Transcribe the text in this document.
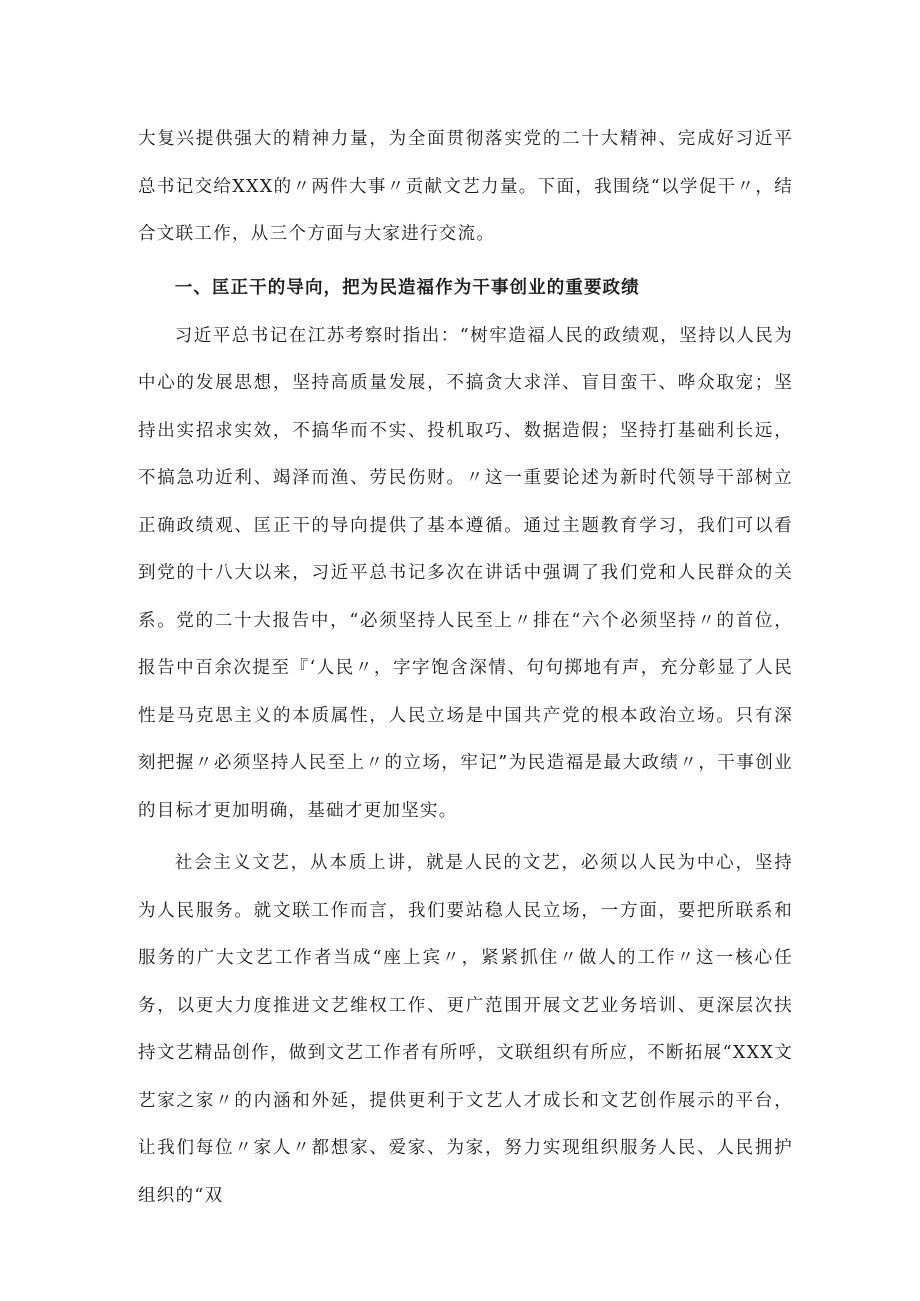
大复兴提供强大的精神力量，为全面贯彻落实党的二十大精神、完成好习近平总书记交给XXX的〃两件大事〃贡献文艺力量。下面，我围绕“以学促干〃，结合文联工作，从三个方面与大家进行交流。

一、匡正干的导向，把为民造福作为干事创业的重要政绩

习近平总书记在江苏考察时指出：“树牢造福人民的政绩观，坚持以人民为中心的发展思想，坚持高质量发展，不搞贪大求洋、盲目蛮干、哗众取宠；坚持出实招求实效，不搞华而不实、投机取巧、数据造假；坚持打基础利长远，不搞急功近利、竭泽而渔、劳民伤财。〃这一重要论述为新时代领导干部树立正确政绩观、匡正干的导向提供了基本遵循。通过主题教育学习，我们可以看到党的十八大以来，习近平总书记多次在讲话中强调了我们党和人民群众的关系。党的二十大报告中，“必须坚持人民至上〃排在“六个必须坚持〃的首位，报告中百余次提至『‘人民〃，字字饱含深情、句句掷地有声，充分彰显了人民性是马克思主义的本质属性，人民立场是中国共产党的根本政治立场。只有深刻把握〃必须坚持人民至上〃的立场，牢记”为民造福是最大政绩〃，干事创业的目标才更加明确，基础才更加坚实。

社会主义文艺，从本质上讲，就是人民的文艺，必须以人民为中心，坚持为人民服务。就文联工作而言，我们要站稳人民立场，一方面，要把所联系和服务的广大文艺工作者当成“座上宾〃，紧紧抓住〃做人的工作〃这一核心任务，以更大力度推进文艺维权工作、更广范围开展文艺业务培训、更深层次扶持文艺精品创作，做到文艺工作者有所呼，文联组织有所应，不断拓展“XXX文艺家之家〃的内涵和外延，提供更利于文艺人才成长和文艺创作展示的平台，让我们每位〃家人〃都想家、爱家、为家，努力实现组织服务人民、人民拥护组织的“双
